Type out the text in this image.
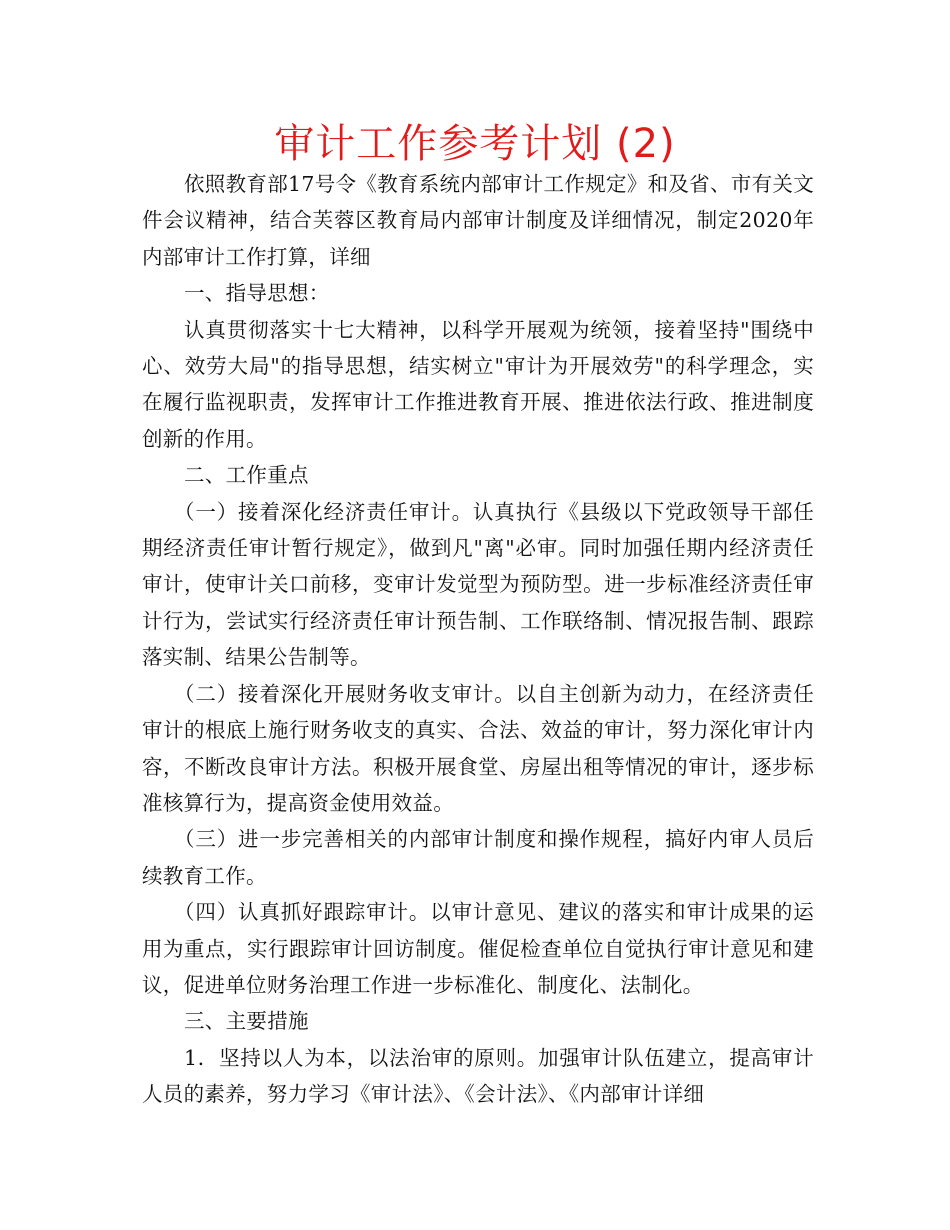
审计工作参考计划 (2)

依照教育部17号令《教育系统内部审计工作规定》和及省、市有关文件会议精神，结合芙蓉区教育局内部审计制度及详细情况，制定2020年内部审计工作打算，详细

一、指导思想：

认真贯彻落实十七大精神，以科学开展观为统领，接着坚持"围绕中心、效劳大局"的指导思想，结实树立"审计为开展效劳"的科学理念，实在履行监视职责，发挥审计工作推进教育开展、推进依法行政、推进制度创新的作用。

二、工作重点

（一）接着深化经济责任审计。认真执行《县级以下党政领导干部任期经济责任审计暂行规定》，做到凡"离"必审。同时加强任期内经济责任审计，使审计关口前移，变审计发觉型为预防型。进一步标准经济责任审计行为，尝试实行经济责任审计预告制、工作联络制、情况报告制、跟踪落实制、结果公告制等。

（二）接着深化开展财务收支审计。以自主创新为动力，在经济责任审计的根底上施行财务收支的真实、合法、效益的审计，努力深化审计内容，不断改良审计方法。积极开展食堂、房屋出租等情况的审计，逐步标准核算行为，提高资金使用效益。

（三）进一步完善相关的内部审计制度和操作规程，搞好内审人员后续教育工作。

（四）认真抓好跟踪审计。以审计意见、建议的落实和审计成果的运用为重点，实行跟踪审计回访制度。催促检查单位自觉执行审计意见和建议，促进单位财务治理工作进一步标准化、制度化、法制化。

三、主要措施

1．坚持以人为本，以法治审的原则。加强审计队伍建立，提高审计人员的素养，努力学习《审计法》、《会计法》、《内部审计详细
